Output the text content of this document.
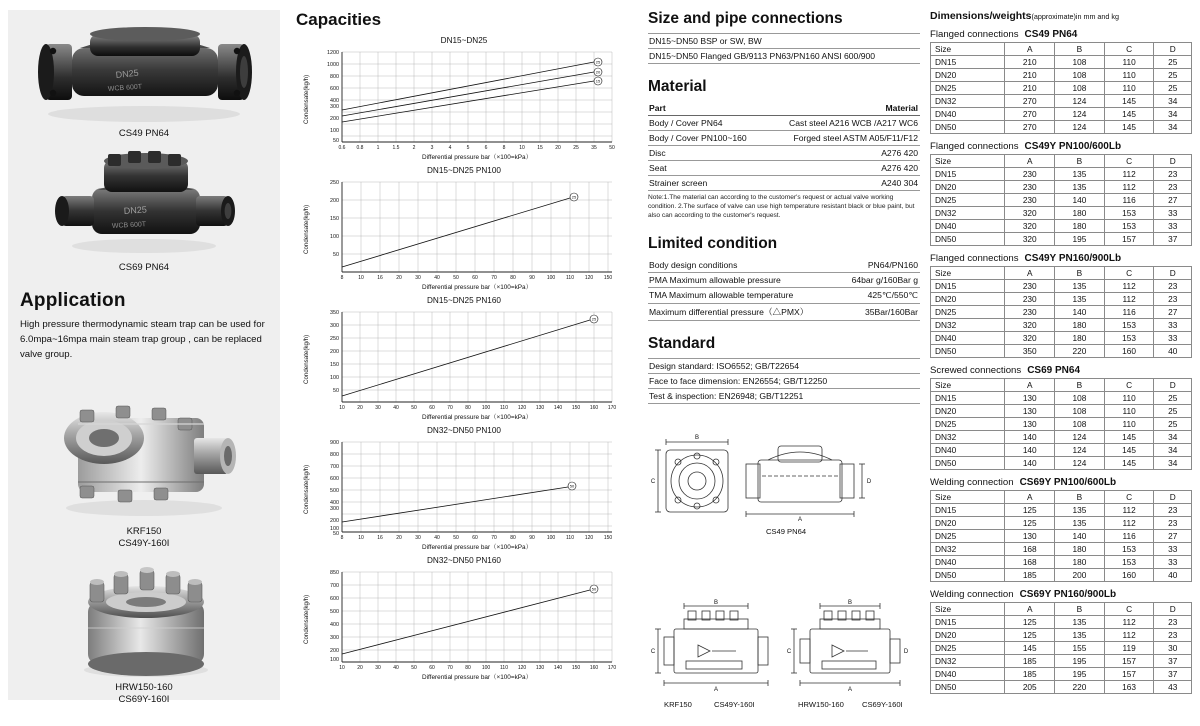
DN25
WCB 600T
CS49 PN64
DN25
WCB 600T
CS69 PN64
Application
High pressure thermodynamic steam trap can be used for 6.0mpa~16mpa main steam trap group , can be replaced valve group.
KRF150
CS49Y-160I
HRW150-160
CS69Y-160I
Capacities
DN15~DN25
1200
1000
800
600
400
300
200
100
50
0.6 0.8	1	1.5	2	3	4	5	6	8	10 15 20 25 35 50
25
20
15
Condensate(kg/h)
Differential pressure bar（×100=kPa）
DN15~DN25 PN100
250
200
150
100
50
8	10	16	20	30	40	50	60	70	80	90 100 110 120 150
25
Condensate(kg/h)
Differential pressure bar（×100=kPa）
DN15~DN25 PN160
350
300
250
200
150
100
50
10 20 30 40 50 60 70 80 100 110 120 130 140 150 160 170
25
Condensate(kg/h)
Differential pressure bar（×100=kPa）
DN32~DN50 PN100
900
800
700
600
500
400
300
200
100
50
8	10	16	20	30	40	50	60	70	80	90 100 110 120 150
50
Condensate(kg/h)
Differential pressure bar（×100=kPa）
DN32~DN50 PN160
850
700
600
500
400
300
200
100
10 20 30 40 50 60 70 80 100 110 120 130 140 150 160 170
50
Condensate(kg/h)
Differential pressure bar（×100=kPa）
Size and pipe connections
DN15~DN50 BSP or SW, BW
DN15~DN50 Flanged GB/9113 PN63/PN160 ANSI 600/900
Material
Part	Material
Body / Cover PN64	Cast steel A216 WCB /A217 WC6
Body / Cover PN100~160	Forged steel ASTM A05/F11/F12
Disc	A276 420
Seat	A276 420
Strainer screen	A240 304
Note:1.The material can according to the customer's request or actual valve working condition. 2.The surface of valve can use high temperature resistant black or blue paint, but also can according to the customer's request.
Limited condition
Body design conditions	PN64/PN160
PMA Maximum allowable pressure	64bar g/160Bar g
TMA Maximum allowable temperature	425℃/550℃
Maximum differential pressure（△PMX）	35Bar/160Bar
Standard
Design standard: ISO6552; GB/T22654
Face to face dimension: EN26554; GB/T12250
Test & inspection: EN26948; GB/T12251
B
C
A
D
CS49 PN64

B
C
A
B
C
A
D
KRF150	CS49Y-160I	HRW150-160 CS69Y-160I
Dimensions/weights(approximate)in mm and kg
Flanged connections CS49 PN64
Size	A	B	C	D
DN15	210	108	110	25
DN20	210	108	110	25
DN25	210	108	110	25
DN32	270	124	145	34
DN40	270	124	145	34
DN50	270	124	145	34
Flanged connections CS49Y PN100/600Lb
Size	A	B	C	D
DN15	230	135	112	23
DN20	230	135	112	23
DN25	230	140	116	27
DN32	320	180	153	33
DN40	320	180	153	33
DN50	320	195	157	37
Flanged connections CS49Y PN160/900Lb
Size	A	B	C	D
DN15	230	135	112	23
DN20	230	135	112	23
DN25	230	140	116	27
DN32	320	180	153	33
DN40	320	180	153	33
DN50	350	220	160	40
Screwed connections CS69 PN64
Size	A	B	C	D
DN15	130	108	110	25
DN20	130	108	110	25
DN25	130	108	110	25
DN32	140	124	145	34
DN40	140	124	145	34
DN50	140	124	145	34
Welding connection CS69Y PN100/600Lb
Size	A	B	C	D
DN15	125	135	112	23
DN20	125	135	112	23
DN25	130	140	116	27
DN32	168	180	153	33
DN40	168	180	153	33
DN50	185	200	160	40
Welding connection CS69Y PN160/900Lb
Size	A	B	C	D
DN15	125	135	112	23
DN20	125	135	112	23
DN25	145	155	119	30
DN32	185	195	157	37
DN40	185	195	157	37
DN50	205	220	163	43
